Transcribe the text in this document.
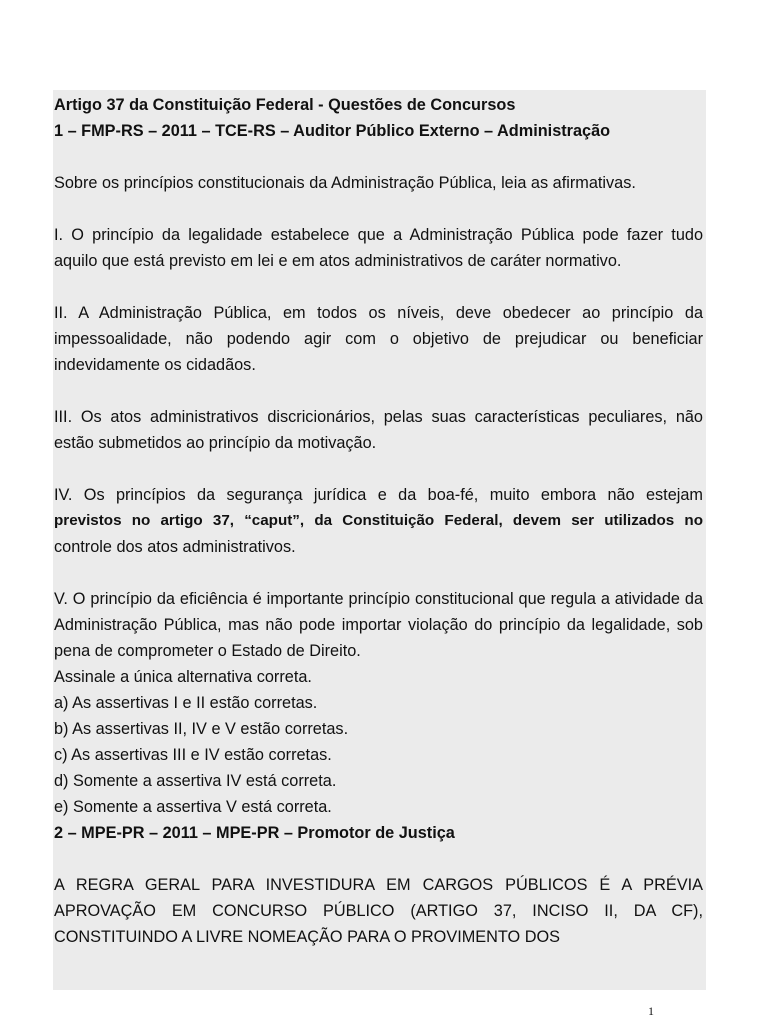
Artigo 37 da Constituição Federal - Questões de Concursos

1 – FMP-RS – 2011 – TCE-RS – Auditor Público Externo – Administração

Sobre os princípios constitucionais da Administração Pública, leia as afirmativas.

I. O princípio da legalidade estabelece que a Administração Pública pode fazer tudo aquilo que está previsto em lei e em atos administrativos de caráter normativo.

II. A Administração Pública, em todos os níveis, deve obedecer ao princípio da impessoalidade, não podendo agir com o objetivo de prejudicar ou beneficiar indevidamente os cidadãos.

III. Os atos administrativos discricionários, pelas suas características peculiares, não estão submetidos ao princípio da motivação.

IV. Os princípios da segurança jurídica e da boa-fé, muito embora não estejam

previstos no artigo 37, “caput”, da Constituição Federal, devem ser utilizados no

controle dos atos administrativos.

V. O princípio da eficiência é importante princípio constitucional que regula a atividade da Administração Pública, mas não pode importar violação do princípio da legalidade, sob pena de comprometer o Estado de Direito.

Assinale a única alternativa correta.

a) As assertivas I e II estão corretas.

b) As assertivas II, IV e V estão corretas.

c) As assertivas III e IV estão corretas.

d) Somente a assertiva IV está correta.

e) Somente a assertiva V está correta.

2 – MPE-PR – 2011 – MPE-PR – Promotor de Justiça

A REGRA GERAL PARA INVESTIDURA EM CARGOS PÚBLICOS É A PRÉVIA APROVAÇÃO EM CONCURSO PÚBLICO (ARTIGO 37, INCISO II, DA CF), CONSTITUINDO A LIVRE NOMEAÇÃO PARA O PROVIMENTO DOS

1
